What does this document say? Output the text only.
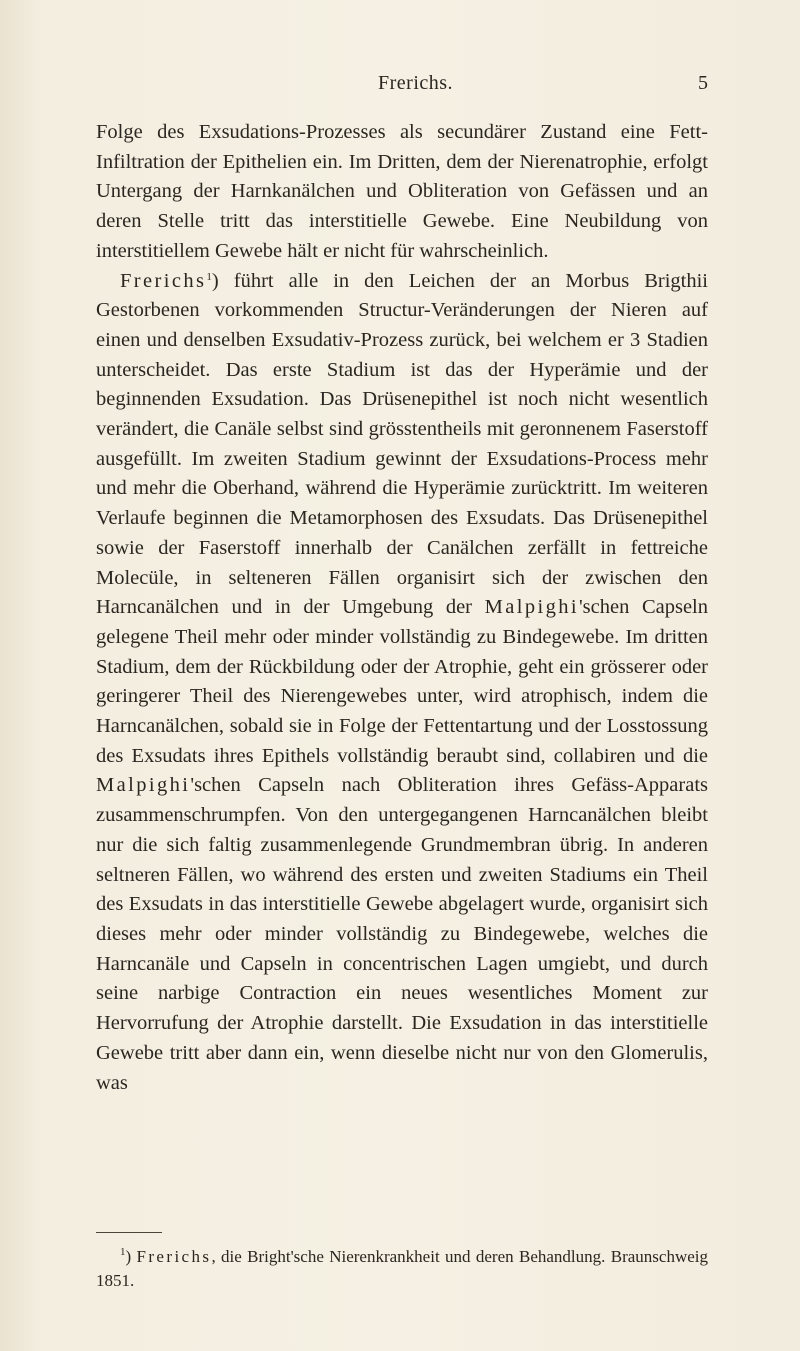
Frerichs.	5

Folge des Exsudations-Prozesses als secundärer Zustand eine Fett-Infiltration der Epithelien ein. Im Dritten, dem der Nierenatrophie, erfolgt Untergang der Harnkanälchen und Obliteration von Gefässen und an deren Stelle tritt das interstitielle Gewebe. Eine Neubildung von interstitiellem Gewebe hält er nicht für wahrscheinlich.

Frerichs$^1$) führt alle in den Leichen der an Morbus Brigthii Gestorbenen vorkommenden Structur-Veränderungen der Nieren auf einen und denselben Exsudativ-Prozess zurück, bei welchem er 3 Stadien unterscheidet. Das erste Stadium ist das der Hyperämie und der beginnenden Exsudation. Das Drüsenepithel ist noch nicht wesentlich verändert, die Canäle selbst sind grösstentheils mit geronnenem Faserstoff ausgefüllt. Im zweiten Stadium gewinnt der Exsudations-Process mehr und mehr die Oberhand, während die Hyperämie zurücktritt. Im weiteren Verlaufe beginnen die Metamorphosen des Exsudats. Das Drüsenepithel sowie der Faserstoff innerhalb der Canälchen zerfällt in fettreiche Molecüle, in selteneren Fällen organisirt sich der zwischen den Harncanälchen und in der Umgebung der Malpighi'schen Capseln gelegene Theil mehr oder minder vollständig zu Bindegewebe. Im dritten Stadium, dem der Rückbildung oder der Atrophie, geht ein grösserer oder geringerer Theil des Nierengewebes unter, wird atrophisch, indem die Harncanälchen, sobald sie in Folge der Fettentartung und der Losstossung des Exsudats ihres Epithels vollständig beraubt sind, collabiren und die Malpighi'schen Capseln nach Obliteration ihres Gefäss-Apparats zusammenschrumpfen. Von den untergegangenen Harncanälchen bleibt nur die sich faltig zusammenlegende Grundmembran übrig. In anderen seltneren Fällen, wo während des ersten und zweiten Stadiums ein Theil des Exsudats in das interstitielle Gewebe abgelagert wurde, organisirt sich dieses mehr oder minder vollständig zu Bindegewebe, welches die Harncanäle und Capseln in concentrischen Lagen umgiebt, und durch seine narbige Contraction ein neues wesentliches Moment zur Hervorrufung der Atrophie darstellt. Die Exsudation in das interstitielle Gewebe tritt aber dann ein, wenn dieselbe nicht nur von den Glomerulis, was

$^1$) Frerichs, die Bright'sche Nierenkrankheit und deren Behandlung. Braunschweig 1851.
